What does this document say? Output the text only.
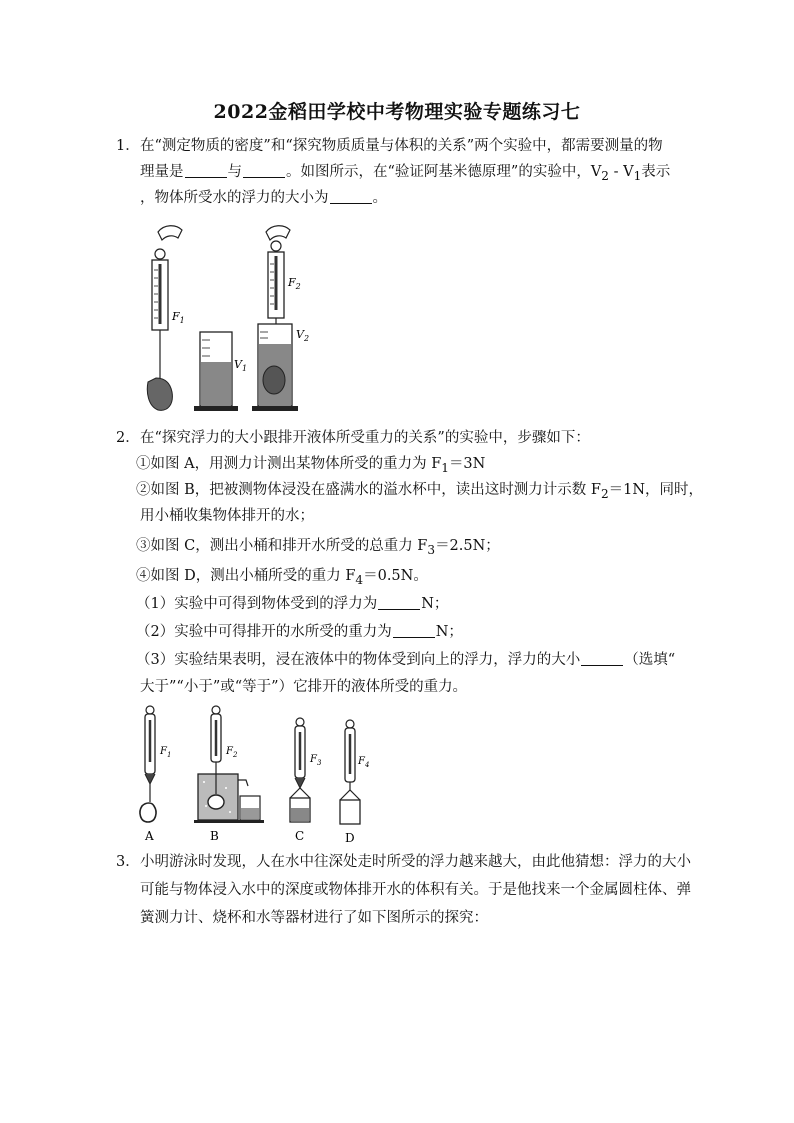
2022金稻田学校中考物理实验专题练习七
1． 在“测定物质的密度”和“探究物质质量与体积的关系”两个实验中，都需要测量的物
理量是	与	。如图所示，在“验证阿基米德原理”的实验中，$V_2 - V_1$表示
，物体所受水的浮力的大小为	。
$F_1$
$V_1$
$F_2$
$V_2$
2． 在“探究浮力的大小跟排开液体所受重力的关系”的实验中，步骤如下：
①如图 A，用测力计测出某物体所受的重力为 $F_1=3N$
②如图 B，把被测物体浸没在盛满水的溢水杯中，读出这时测力计示数 $F_2=1N$，同时，
用小桶收集物体排开的水；
③如图 C，测出小桶和排开水所受的总重力 $F_3=2.5N$；
④如图 D，测出小桶所受的重力 $F_4=0.5N$。
（1）实验中可得到物体受到的浮力为	N；
（2）实验中可得排开的水所受的重力为	N；
（3）实验结果表明，浸在液体中的物体受到向上的浮力，浮力的大小	（选填“
大于”“小于”或“等于”）它排开的液体所受的重力。
$F_1$
A
$F_2$
B
$F_3$
C
$F_4$
D
3． 小明游泳时发现，人在水中往深处走时所受的浮力越来越大，由此他猜想：浮力的大小
可能与物体浸入水中的深度或物体排开水的体积有关。于是他找来一个金属圆柱体、弹
簧测力计、烧杯和水等器材进行了如下图所示的探究：
